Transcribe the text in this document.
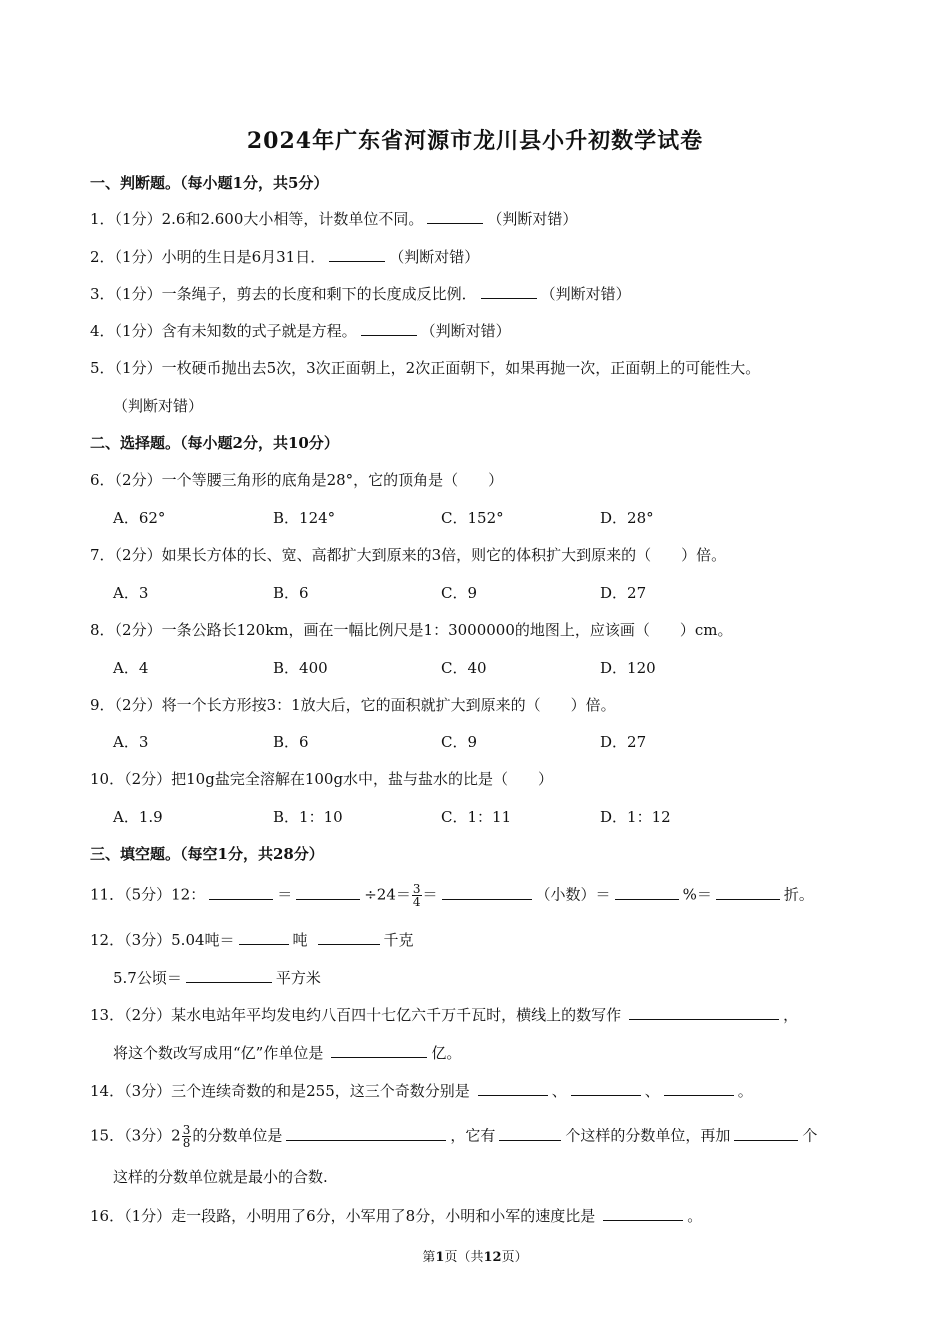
2024年广东省河源市龙川县小升初数学试卷
一、判断题。（每小题1分，共5分）
1．（1分）2.6和2.600大小相等，计数单位不同。	（判断对错）
2．（1分）小明的生日是6月31日．	（判断对错）
3．（1分）一条绳子，剪去的长度和剩下的长度成反比例．	（判断对错）
4．（1分）含有未知数的式子就是方程。	（判断对错）
5．（1分）一枚硬币抛出去5次，3次正面朝上，2次正面朝下，如果再抛一次，正面朝上的可能性大。
（判断对错）
二、选择题。（每小题2分，共10分）
6．（2分）一个等腰三角形的底角是28°，它的顶角是（　　）
A．62°	B．124°	C．152°	D．28°
7．（2分）如果长方体的长、宽、高都扩大到原来的3倍，则它的体积扩大到原来的（　　）倍。
A．3	B．6	C．9	D．27
8．（2分）一条公路长120km，画在一幅比例尺是1：3000000的地图上，应该画（　　）cm。
A．4	B．400	C．40	D．120
9．（2分）将一个长方形按3：1放大后，它的面积就扩大到原来的（　　）倍。
A．3	B．6	C．9	D．27
10．（2分）把10g盐完全溶解在100g水中，盐与盐水的比是（　　）
A．1.9	B．1：10	C．1：11	D．1：12
三、填空题。（每空1分，共28分）
11．（5分）12：	＝	$\div 24= \frac{3}{4}$ ＝	（小数）＝	%＝	折。
12．（3分）5.04吨＝	吨	千克
5.7公顷＝	平方米
13．（2分）某水电站年平均发电约八百四十七亿六千万千瓦时，横线上的数写作	，
将这个数改写成用“亿”作单位是	亿。
14．（3分）三个连续奇数的和是255，这三个奇数分别是	、	、	。
15．（3分）$2 \frac{3}{8}$ 的分数单位是	，它有	个这样的分数单位，再加	个
这样的分数单位就是最小的合数.
16．（1分）走一段路，小明用了6分，小军用了8分，小明和小军的速度比是	。
第1页（共12页）
